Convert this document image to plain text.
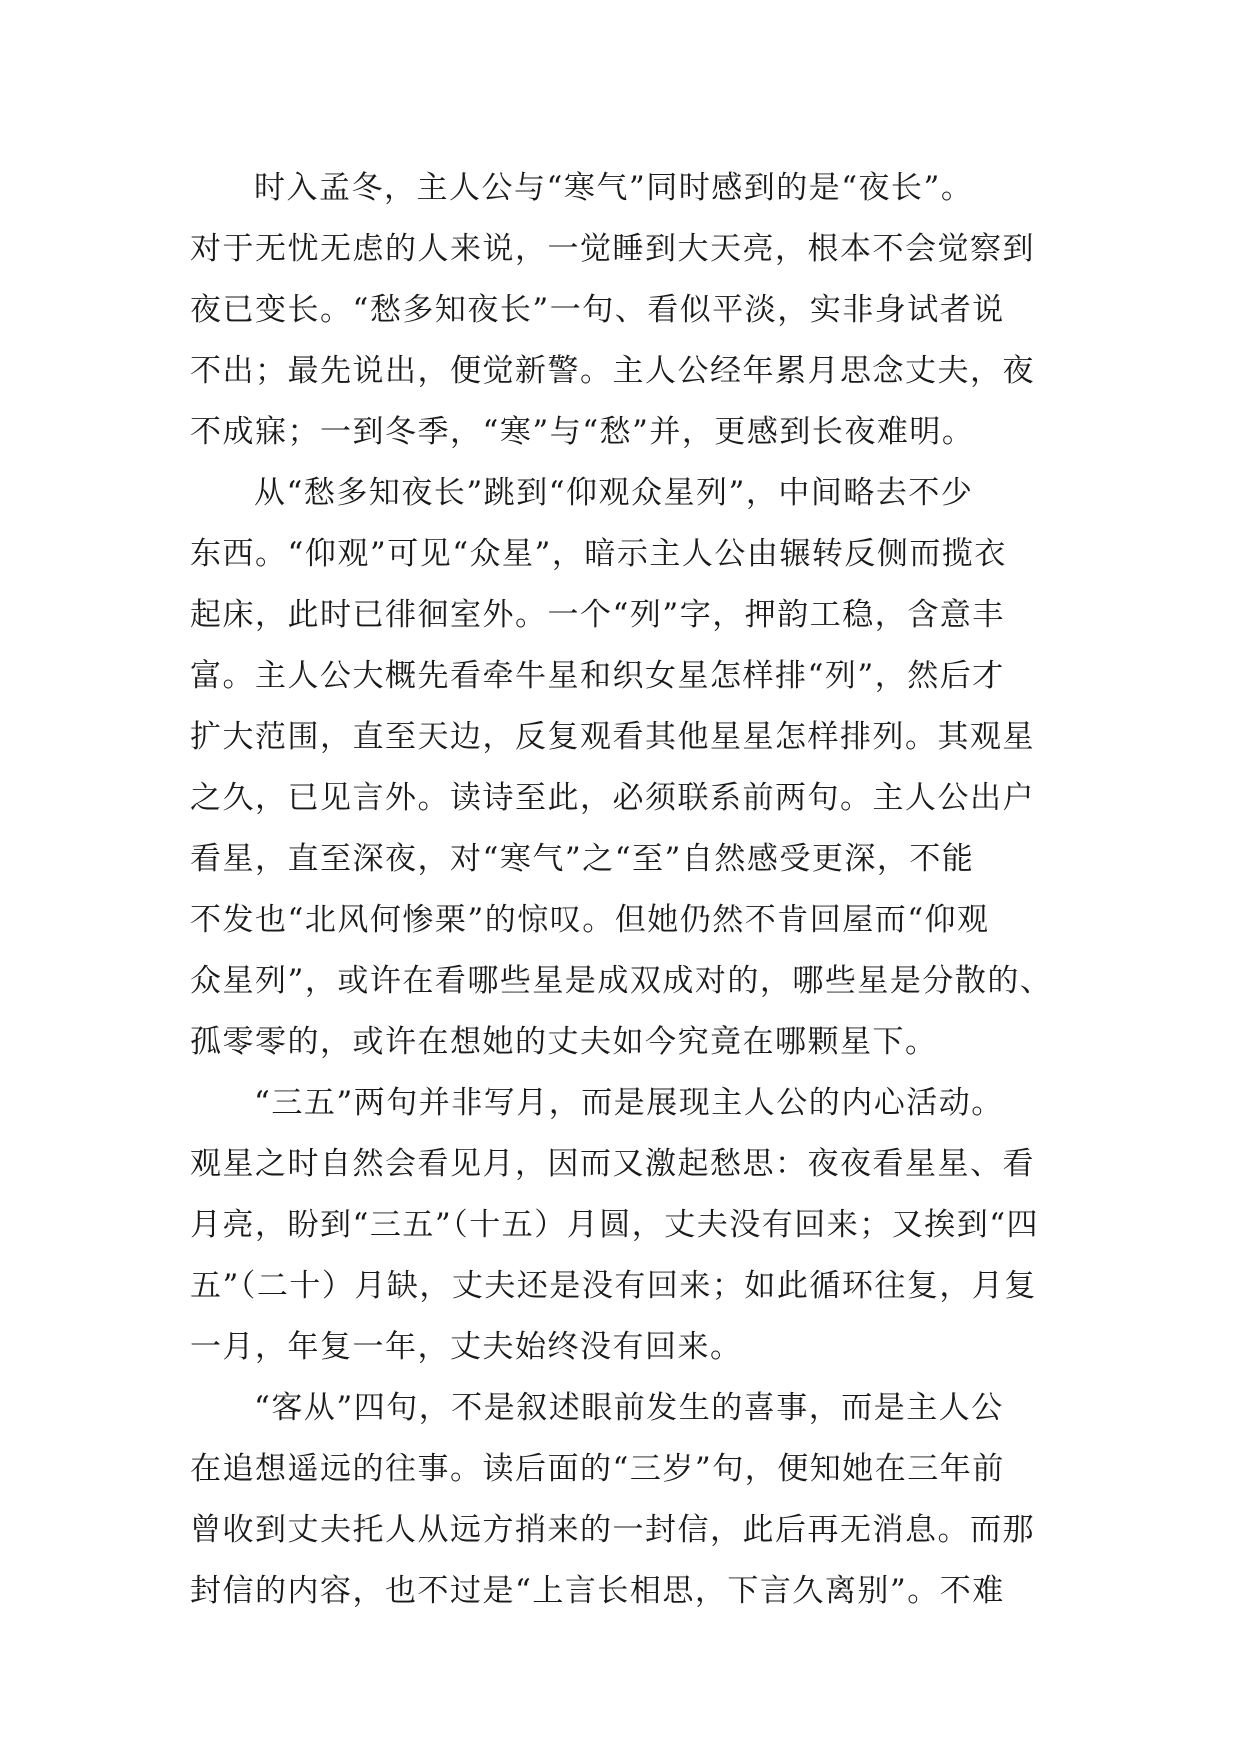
时入孟冬，主人公与“寒气”同时感到的是“夜长”。
对于无忧无虑的人来说，一觉睡到大天亮，根本不会觉察到
夜已变长。“愁多知夜长”一句、看似平淡，实非身试者说
不出；最先说出，便觉新警。主人公经年累月思念丈夫，夜
不成寐；一到冬季，“寒”与“愁”并，更感到长夜难明。
从“愁多知夜长”跳到“仰观众星列”，中间略去不少
东西。“仰观”可见“众星”，暗示主人公由辗转反侧而揽衣
起床，此时已徘徊室外。一个“列”字，押韵工稳，含意丰
富。主人公大概先看牵牛星和织女星怎样排“列”，然后才
扩大范围，直至天边，反复观看其他星星怎样排列。其观星
之久，已见言外。读诗至此，必须联系前两句。主人公出户
看星，直至深夜，对“寒气”之“至”自然感受更深，不能
不发也“北风何惨栗”的惊叹。但她仍然不肯回屋而“仰观
众星列”，或许在看哪些星是成双成对的，哪些星是分散的、
孤零零的，或许在想她的丈夫如今究竟在哪颗星下。
“三五”两句并非写月，而是展现主人公的内心活动。
观星之时自然会看见月，因而又激起愁思：夜夜看星星、看
月亮，盼到“三五”（十五）月圆，丈夫没有回来；又挨到“四
五”（二十）月缺，丈夫还是没有回来；如此循环往复，月复
一月，年复一年，丈夫始终没有回来。
“客从”四句，不是叙述眼前发生的喜事，而是主人公
在追想遥远的往事。读后面的“三岁”句，便知她在三年前
曾收到丈夫托人从远方捎来的一封信，此后再无消息。而那
封信的内容，也不过是“上言长相思，下言久离别”。不难
